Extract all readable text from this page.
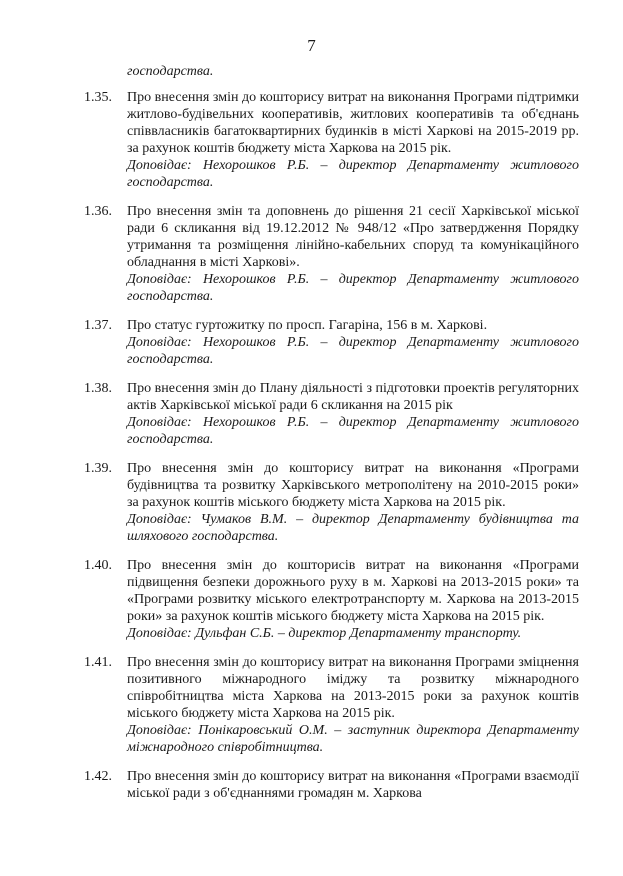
7
господарства.
1.35. Про внесення змін до кошторису витрат на виконання Програми підтримки житлово-будівельних кооперативів, житлових кооперативів та об'єднань співвласників багатоквартирних будинків в місті Харкові на 2015-2019 рр. за рахунок коштів бюджету міста Харкова на 2015 рік.
Доповідає: Нехорошков Р.Б. – директор Департаменту житлового господарства.
1.36. Про внесення змін та доповнень до рішення 21 сесії Харківської міської ради 6 скликання від 19.12.2012 № 948/12 «Про затвердження Порядку утримання та розміщення лінійно-кабельних споруд та комунікаційного обладнання в місті Харкові».
Доповідає: Нехорошков Р.Б. – директор Департаменту житлового господарства.
1.37. Про статус гуртожитку по просп. Гагаріна, 156 в м. Харкові.
Доповідає: Нехорошков Р.Б. – директор Департаменту житлового господарства.
1.38. Про внесення змін до Плану діяльності з підготовки проектів регуляторних актів Харківської міської ради 6 скликання на 2015 рік
Доповідає: Нехорошков Р.Б. – директор Департаменту житлового господарства.
1.39. Про внесення змін до кошторису витрат на виконання «Програми будівництва та розвитку Харківського метрополітену на 2010-2015 роки» за рахунок коштів міського бюджету міста Харкова на 2015 рік.
Доповідає: Чумаков В.М. – директор Департаменту будівництва та шляхового господарства.
1.40. Про внесення змін до кошторисів витрат на виконання «Програми підвищення безпеки дорожнього руху в м. Харкові на 2013-2015 роки» та «Програми розвитку міського електротранспорту м. Харкова на 2013-2015 роки» за рахунок коштів міського бюджету міста Харкова на 2015 рік.
Доповідає: Дульфан С.Б. – директор Департаменту транспорту.
1.41. Про внесення змін до кошторису витрат на виконання Програми зміцнення позитивного міжнародного іміджу та розвитку міжнародного співробітництва міста Харкова на 2013-2015 роки за рахунок коштів міського бюджету міста Харкова на 2015 рік.
Доповідає: Понікаровський О.М. – заступник директора Департаменту міжнародного співробітництва.
1.42. Про внесення змін до кошторису витрат на виконання «Програми взаємодії міської ради з об'єднаннями громадян м. Харкова
